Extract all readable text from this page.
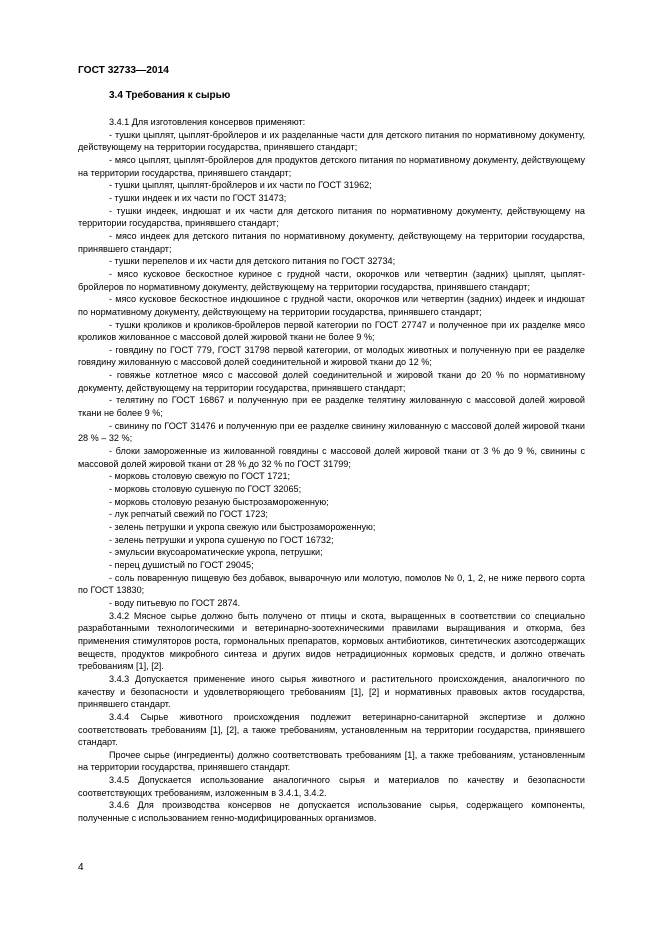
ГОСТ 32733—2014
3.4 Требования к сырью

3.4.1 Для изготовления консервов применяют:

- тушки цыплят, цыплят-бройлеров и их разделанные части для детского питания по нормативному документу, действующему на территории государства, принявшего стандарт;

- мясо цыплят, цыплят-бройлеров для продуктов детского питания по нормативному документу, действующему на территории государства, принявшего стандарт;

- тушки цыплят, цыплят-бройлеров и их части по ГОСТ 31962;

- тушки индеек и их части по ГОСТ 31473;

- тушки индеек, индюшат и их части для детского питания по нормативному документу, действующему на территории государства, принявшего стандарт;

- мясо индеек для детского питания по нормативному документу, действующему на территории государства, принявшего стандарт;

- тушки перепелов и их части для детского питания по ГОСТ 32734;

- мясо кусковое бескостное куриное с грудной части, окорочков или четвертин (задних) цыплят, цыплят-бройлеров по нормативному документу, действующему на территории государства, принявшего стандарт;

- мясо кусковое бескостное индюшиное с грудной части, окорочков или четвертин (задних) индеек и индюшат по нормативному документу, действующему на территории государства, принявшего стандарт;

- тушки кроликов и кроликов-бройлеров первой категории по ГОСТ 27747 и полученное при их разделке мясо кроликов жилованное с массовой долей жировой ткани не более 9 %;

- говядину по ГОСТ 779, ГОСТ 31798 первой категории, от молодых животных и полученную при ее разделке говядину жилованную с массовой долей соединительной и жировой ткани до 12 %;

- говяжье котлетное мясо с массовой долей соединительной и жировой ткани до 20 % по нормативному документу, действующему на территории государства, принявшего стандарт;

- телятину по ГОСТ 16867 и полученную при ее разделке телятину жилованную с массовой долей жировой ткани не более 9 %;

- свинину по ГОСТ 31476 и полученную при ее разделке свинину жилованную с массовой долей жировой ткани 28 % – 32 %;

- блоки замороженные из жилованной говядины с массовой долей жировой ткани от 3 % до 9 %, свинины с массовой долей жировой ткани от 28 % до 32 % по ГОСТ 31799;

- морковь столовую свежую по ГОСТ 1721;

- морковь столовую сушеную по ГОСТ 32065;

- морковь столовую резаную быстрозамороженную;

- лук репчатый свежий по ГОСТ 1723;

- зелень петрушки и укропа свежую или быстрозамороженную;

- зелень петрушки и укропа сушеную по ГОСТ 16732;

- эмульсии вкусоароматические укропа, петрушки;

- перец душистый по ГОСТ 29045;

- соль поваренную пищевую без добавок, выварочную или молотую, помолов № 0, 1, 2, не ниже первого сорта по ГОСТ 13830;

- воду питьевую по ГОСТ 2874.

3.4.2 Мясное сырье должно быть получено от птицы и скота, выращенных в соответствии со специально разработанными технологическими и ветеринарно-зоотехническими правилами выращивания и откорма, без применения стимуляторов роста, гормональных препаратов, кормовых антибиотиков, синтетических азотсодержащих веществ, продуктов микробного синтеза и других видов нетрадиционных кормовых средств, и должно отвечать требованиям [1], [2].

3.4.3 Допускается применение иного сырья животного и растительного происхождения, аналогичного по качеству и безопасности и удовлетворяющего требованиям [1], [2] и нормативных правовых актов государства, принявшего стандарт.

3.4.4 Сырье животного происхождения подлежит ветеринарно-санитарной экспертизе и должно соответствовать требованиям [1], [2], а также требованиям, установленным на территории государства, принявшего стандарт.

Прочее сырье (ингредиенты) должно соответствовать требованиям [1], а также требованиям, установленным на территории государства, принявшего стандарт.

3.4.5 Допускается использование аналогичного сырья и материалов по качеству и безопасности соответствующих требованиям, изложенным в 3.4.1, 3.4.2.

3.4.6 Для производства консервов не допускается использование сырья, содержащего компоненты, полученные с использованием генно-модифицированных организмов.

4
